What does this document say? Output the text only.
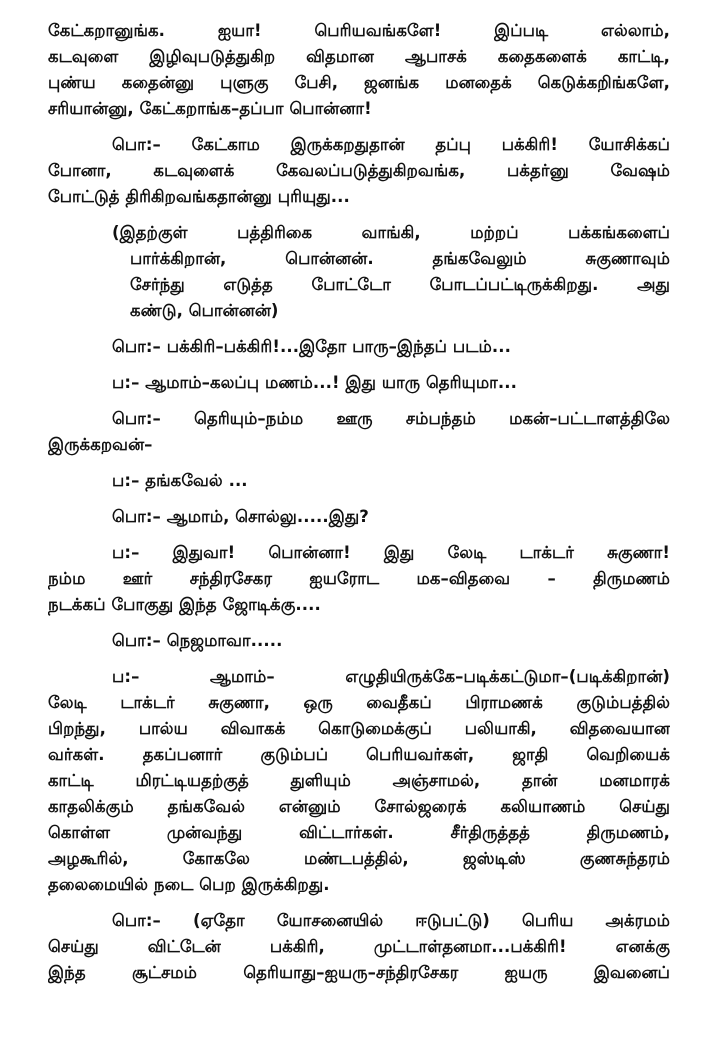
கேட்கறானுங்க. ஐயா! பெரியவங்களே! இப்படி எல்லாம்,
கடவுளை இழிவுபடுத்துகிற விதமான ஆபாசக் கதைகளைக் காட்டி,
புண்ய கதைன்னு புளுகு பேசி, ஜனங்க மனதைக் கெடுக்கறிங்களே,
சரியான்னு, கேட்கறாங்க–தப்பா பொன்னா!
பொ:– கேட்காம இருக்கறதுதான் தப்பு பக்கிரி! யோசிக்கப்
போனா, கடவுளைக் கேவலப்படுத்துகிறவங்க, பக்தர்னு வேஷம்
போட்டுத் திரிகிறவங்கதான்னு புரியுது...
(இதற்குள் பத்திரிகை வாங்கி, மற்றப் பக்கங்களைப்
பார்க்கிறான், பொன்னன். தங்கவேலும் சுகுணாவும்
சேர்ந்து எடுத்த போட்டோ போடப்பட்டிருக்கிறது. அது
கண்டு, பொன்னன்)
பொ:– பக்கிரி–பக்கிரி!...இதோ பாரு–இந்தப் படம்...
ப:– ஆமாம்–கலப்பு மணம்...! இது யாரு தெரியுமா...
பொ:– தெரியும்–நம்ம ஊரு சம்பந்தம் மகன்–பட்டாளத்திலே
இருக்கறவன்–
ப:– தங்கவேல் ...
பொ:– ஆமாம், சொல்லு.....இது?
ப:– இதுவா! பொன்னா! இது லேடி டாக்டர் சுகுணா!
நம்ம ஊர் சந்திரசேகர ஐயரோட மக–விதவை – திருமணம்
நடக்கப் போகுது இந்த ஜோடிக்கு....
பொ:– நெஜமாவா.....
ப:– ஆமாம்– எழுதியிருக்கே–படிக்கட்டுமா–(படிக்கிறான்)
லேடி டாக்டர் சுகுணா, ஒரு வைதீகப் பிராமணக் குடும்பத்தில்
பிறந்து, பால்ய விவாகக் கொடுமைக்குப் பலியாகி, விதவையான
வர்கள். தகப்பனார் குடும்பப் பெரியவர்கள், ஜாதி வெறியைக்
காட்டி மிரட்டியதற்குத் துளியும் அஞ்சாமல், தான் மனமாரக்
காதலிக்கும் தங்கவேல் என்னும் சோல்ஜரைக் கலியாணம் செய்து
கொள்ள முன்வந்து விட்டார்கள். சீர்திருத்தத் திருமணம்,
அழகூரில், கோகலே மண்டபத்தில், ஜஸ்டிஸ் குணசுந்தரம்
தலைமையில் நடை பெற இருக்கிறது.
பொ:– (ஏதோ யோசனையில் ஈடுபட்டு) பெரிய அக்ரமம்
செய்து விட்டேன் பக்கிரி, முட்டாள்தனமா...பக்கிரி! எனக்கு
இந்த சூட்சமம் தெரியாது–ஐயரு–சந்திரசேகர ஐயரு இவனைப்
